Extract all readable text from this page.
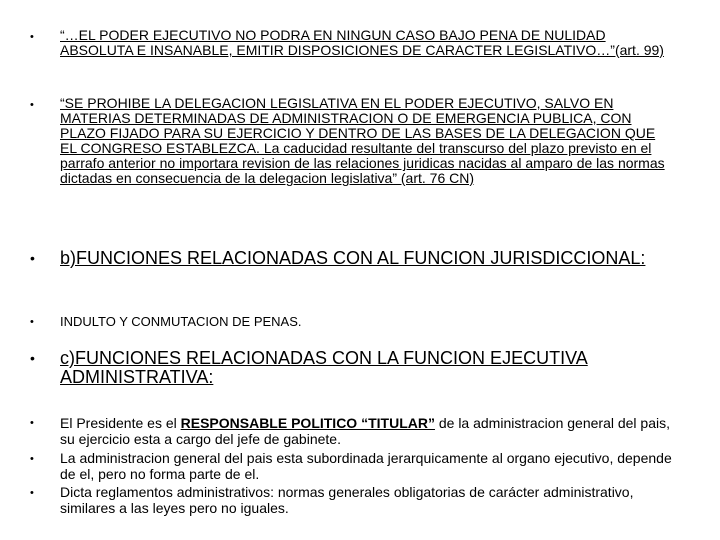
• “…EL PODER EJECUTIVO NO PODRA EN NINGUN CASO BAJO PENA DE NULIDAD ABSOLUTA E INSANABLE, EMITIR DISPOSICIONES DE CARACTER LEGISLATIVO…”(art. 99)
• “SE PROHIBE LA DELEGACION LEGISLATIVA EN EL PODER EJECUTIVO, SALVO EN MATERIAS DETERMINADAS DE ADMINISTRACION O DE EMERGENCIA PUBLICA, CON PLAZO FIJADO PARA SU EJERCICIO Y DENTRO DE LAS BASES DE LA DELEGACION QUE EL CONGRESO ESTABLEZCA. La caducidad resultante del transcurso del plazo previsto en el parrafo anterior no importara revision de las relaciones juridicas nacidas al amparo de las normas dictadas en consecuencia de la delegacion legislativa” (art. 76 CN)
• b)FUNCIONES RELACIONADAS CON AL FUNCION JURISDICCIONAL:
• INDULTO Y CONMUTACION DE PENAS.
• c)FUNCIONES RELACIONADAS CON LA FUNCION EJECUTIVA ADMINISTRATIVA:
• El Presidente es el RESPONSABLE POLITICO “TITULAR” de la administracion general del pais, su ejercicio esta a cargo del jefe de gabinete.
• La administracion general del pais esta subordinada jerarquicamente al organo ejecutivo, depende de el, pero no forma parte de el.
• Dicta reglamentos administrativos: normas generales obligatorias de carácter administrativo, similares a las leyes pero no iguales.
